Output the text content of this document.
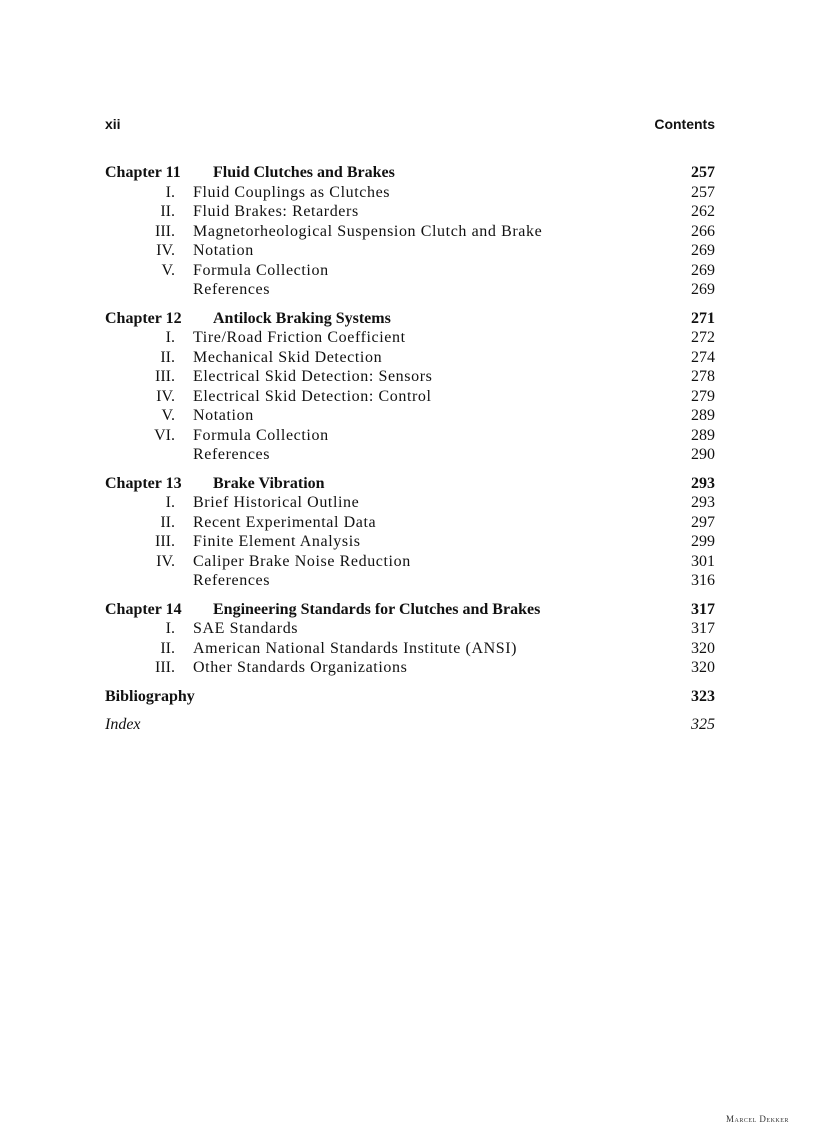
xii	Contents
Chapter 11 Fluid Clutches and Brakes	257
I. Fluid Couplings as Clutches	257
II. Fluid Brakes: Retarders	262
III. Magnetorheological Suspension Clutch and Brake	266
IV. Notation	269
V. Formula Collection	269
References	269
Chapter 12 Antilock Braking Systems	271
I. Tire/Road Friction Coefficient	272
II. Mechanical Skid Detection	274
III. Electrical Skid Detection: Sensors	278
IV. Electrical Skid Detection: Control	279
V. Notation	289
VI. Formula Collection	289
References	290
Chapter 13 Brake Vibration	293
I. Brief Historical Outline	293
II. Recent Experimental Data	297
III. Finite Element Analysis	299
IV. Caliper Brake Noise Reduction	301
References	316
Chapter 14 Engineering Standards for Clutches and Brakes	317
I. SAE Standards	317
II. American National Standards Institute (ANSI)	320
III. Other Standards Organizations	320
Bibliography	323
Index	325
Marcel Dekker
